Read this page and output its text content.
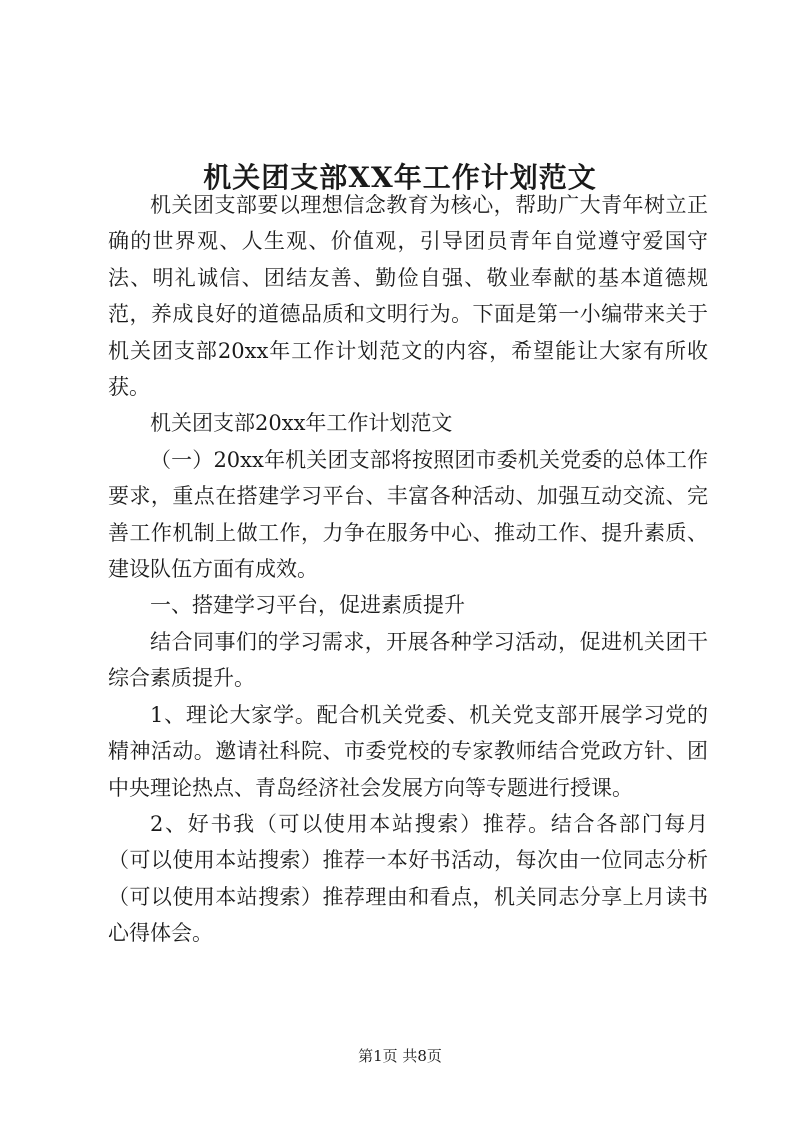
机关团支部XX年工作计划范文

机关团支部要以理想信念教育为核心，帮助广大青年树立正确的世界观、人生观、价值观，引导团员青年自觉遵守爱国守法、明礼诚信、团结友善、勤俭自强、敬业奉献的基本道德规范，养成良好的道德品质和文明行为。下面是第一小编带来关于机关团支部20xx年工作计划范文的内容，希望能让大家有所收获。

机关团支部20xx年工作计划范文

（一）20xx年机关团支部将按照团市委机关党委的总体工作要求，重点在搭建学习平台、丰富各种活动、加强互动交流、完善工作机制上做工作，力争在服务中心、推动工作、提升素质、建设队伍方面有成效。

一、搭建学习平台，促进素质提升

结合同事们的学习需求，开展各种学习活动，促进机关团干综合素质提升。

1、理论大家学。配合机关党委、机关党支部开展学习党的精神活动。邀请社科院、市委党校的专家教师结合党政方针、团中央理论热点、青岛经济社会发展方向等专题进行授课。

2、好书我（可以使用本站搜索）推荐。结合各部门每月（可以使用本站搜索）推荐一本好书活动，每次由一位同志分析（可以使用本站搜索）推荐理由和看点，机关同志分享上月读书心得体会。

第1页 共8页
